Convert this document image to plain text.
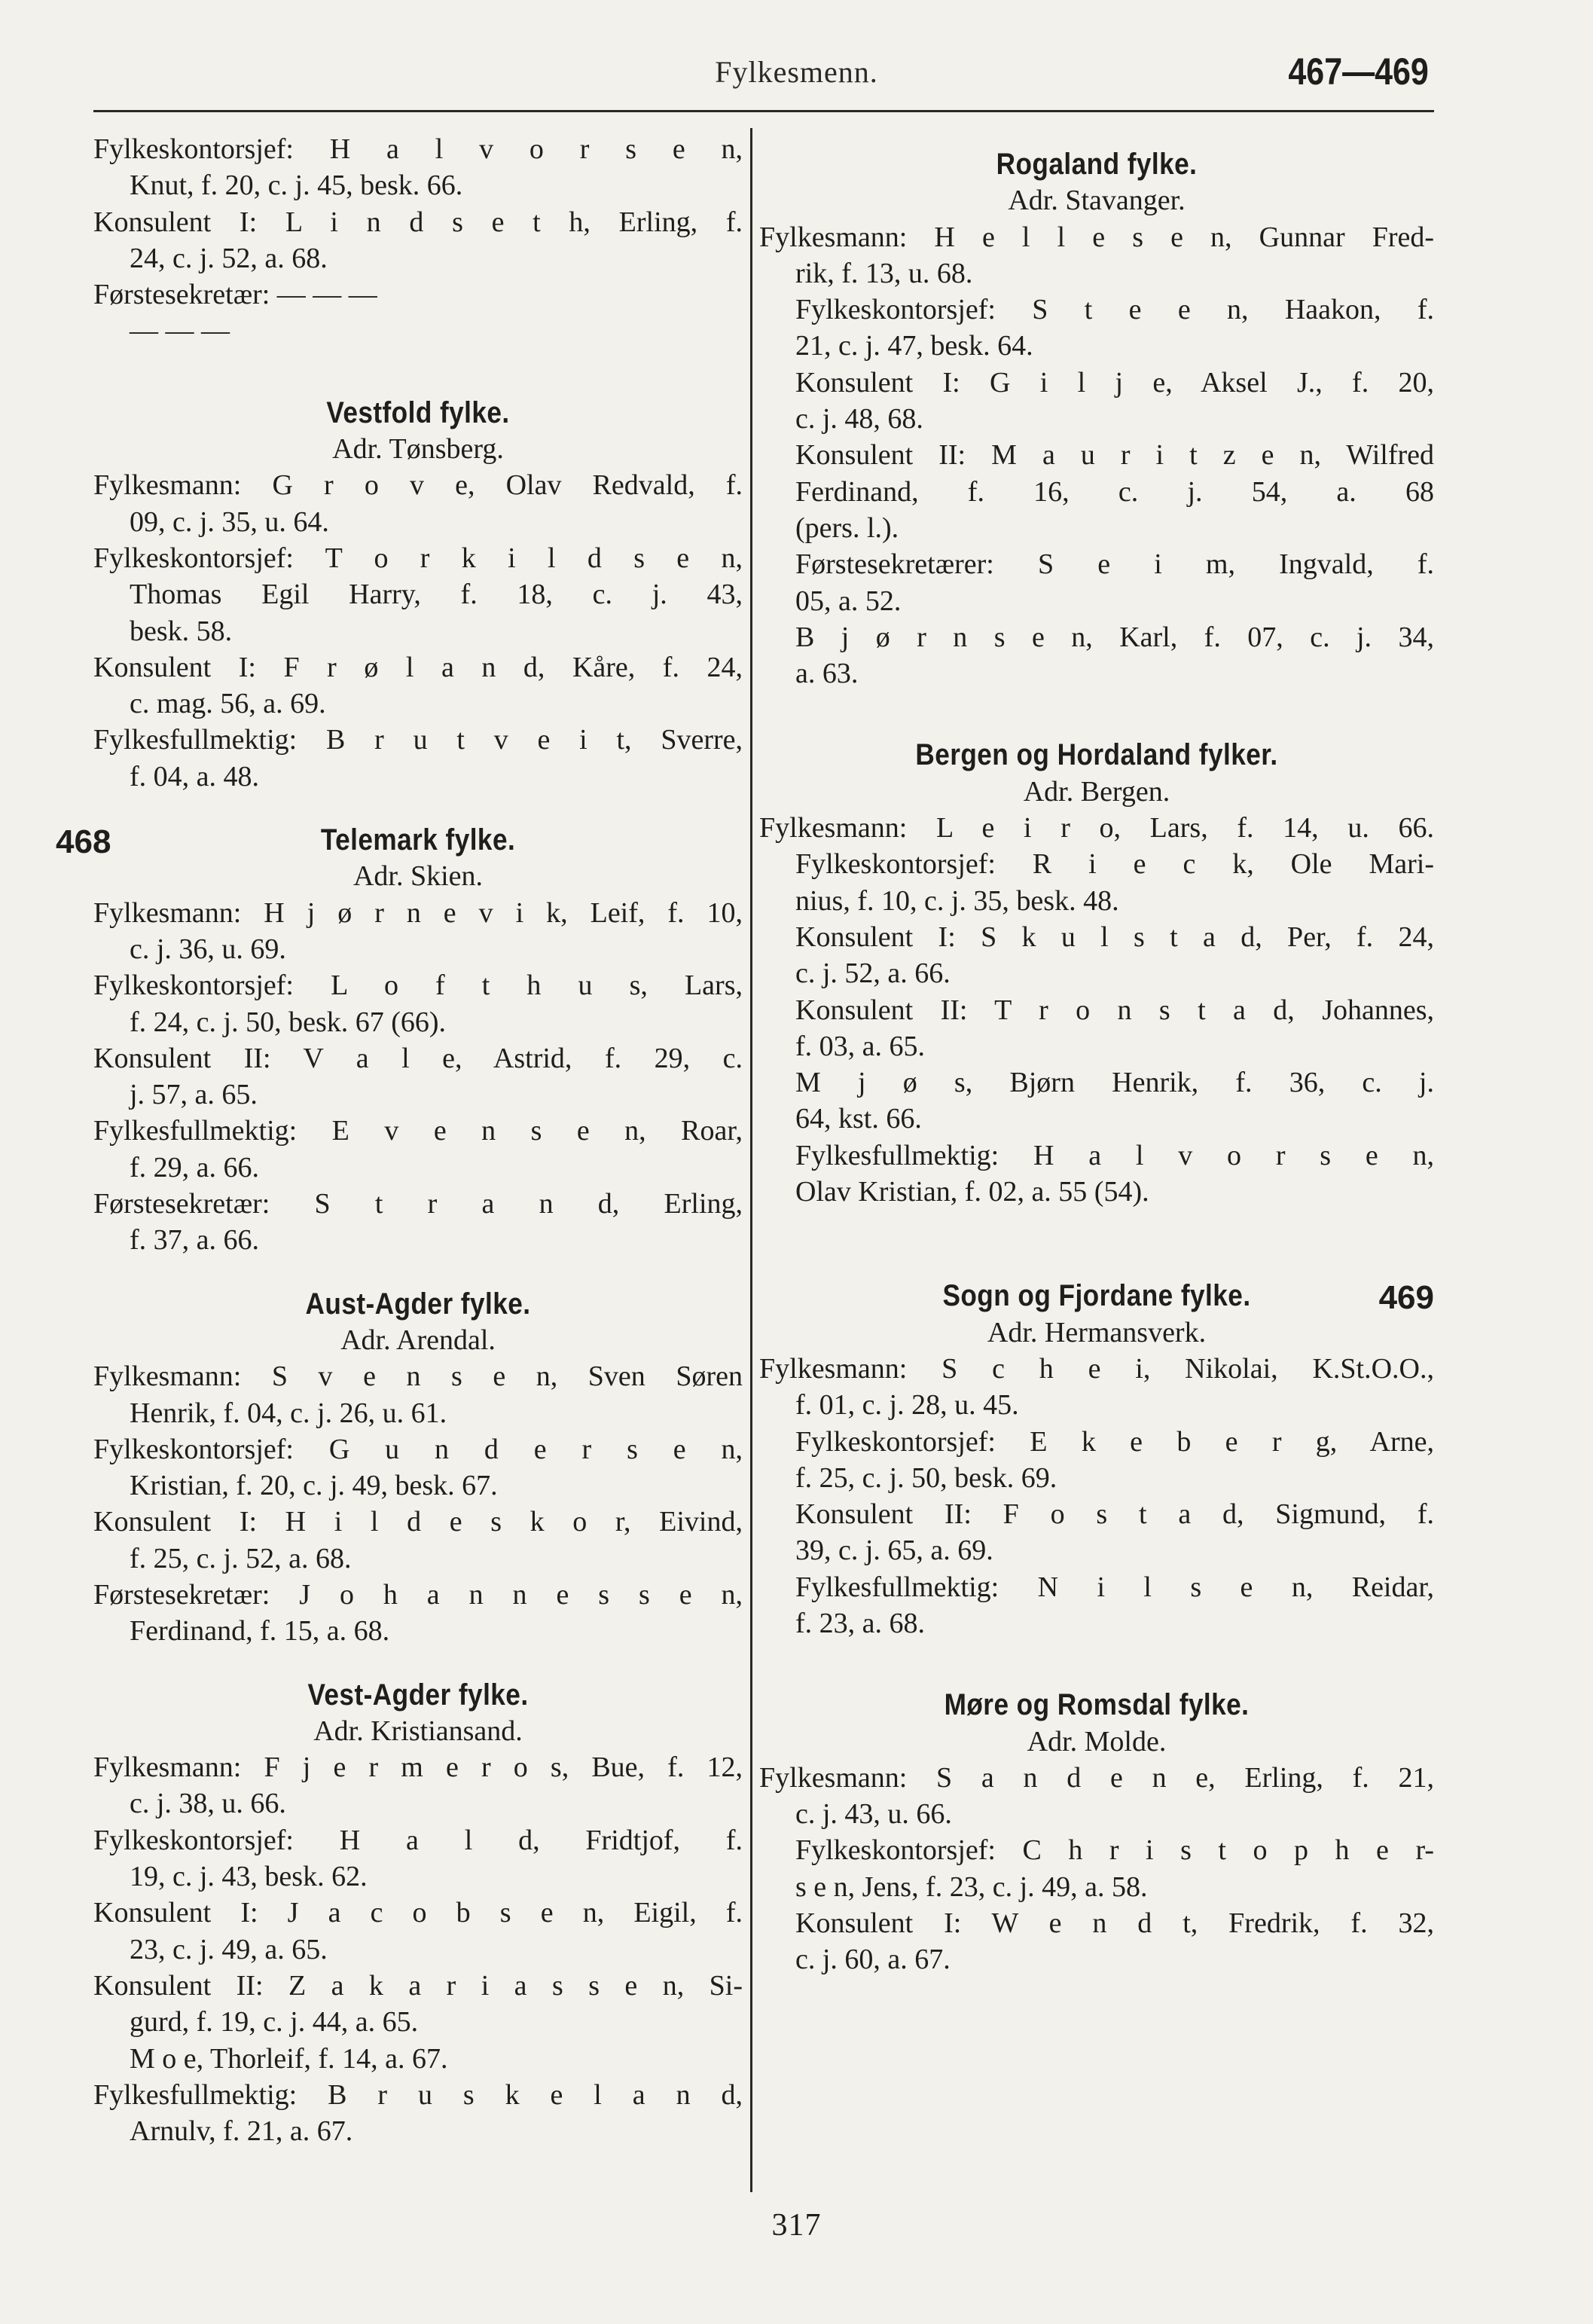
Fylkesmenn.	467—469
Fylkeskontorsjef: H a l v o r s e n,
Knut, f. 20, c. j. 45, besk. 66.
Konsulent I: L i n d s e t h, Erling, f.
24, c. j. 52, a. 68.
Førstesekretær: — — —
— — —
Vestfold fylke.
Adr. Tønsberg.
Fylkesmann: G r o v e, Olav Redvald, f.
09, c. j. 35, u. 64.
Fylkeskontorsjef: T o r k i l d s e n,
Thomas Egil Harry, f. 18, c. j. 43,
besk. 58.
Konsulent I: F r ø l a n d, Kåre, f. 24,
c. mag. 56, a. 69.
Fylkesfullmektig: B r u t v e i t, Sverre,
f. 04, a. 48.
468	Telemark fylke.
Adr. Skien.
Fylkesmann: H j ø r n e v i k, Leif, f. 10,
c. j. 36, u. 69.
Fylkeskontorsjef: L o f t h u s, Lars,
f. 24, c. j. 50, besk. 67 (66).
Konsulent II: V a l e, Astrid, f. 29, c.
j. 57, a. 65.
Fylkesfullmektig: E v e n s e n, Roar,
f. 29, a. 66.
Førstesekretær: S t r a n d, Erling,
f. 37, a. 66.
Aust-Agder fylke.
Adr. Arendal.
Fylkesmann: S v e n s e n, Sven Søren
Henrik, f. 04, c. j. 26, u. 61.
Fylkeskontorsjef: G u n d e r s e n,
Kristian, f. 20, c. j. 49, besk. 67.
Konsulent I: H i l d e s k o r, Eivind,
f. 25, c. j. 52, a. 68.
Førstesekretær: J o h a n n e s s e n,
Ferdinand, f. 15, a. 68.
Vest-Agder fylke.
Adr. Kristiansand.
Fylkesmann: F j e r m e r o s, Bue, f. 12,
c. j. 38, u. 66.
Fylkeskontorsjef: H a l d, Fridtjof, f.
19, c. j. 43, besk. 62.
Konsulent I: J a c o b s e n, Eigil, f.
23, c. j. 49, a. 65.
Konsulent II: Z a k a r i a s s e n, Si-
gurd, f. 19, c. j. 44, a. 65.
M o e, Thorleif, f. 14, a. 67.
Fylkesfullmektig: B r u s k e l a n d,
Arnulv, f. 21, a. 67.
Rogaland fylke.
Adr. Stavanger.
Fylkesmann: H e l l e s e n, Gunnar Fred-
rik, f. 13, u. 68.
Fylkeskontorsjef: S t e e n, Haakon, f.
21, c. j. 47, besk. 64.
Konsulent I: G i l j e, Aksel J., f. 20,
c. j. 48, 68.
Konsulent II: M a u r i t z e n, Wilfred
Ferdinand, f. 16, c. j. 54, a. 68
(pers. l.).
Førstesekretærer: S e i m, Ingvald, f.
05, a. 52.
B j ø r n s e n, Karl, f. 07, c. j. 34,
a. 63.
Bergen og Hordaland fylker.
Adr. Bergen.
Fylkesmann: L e i r o, Lars, f. 14, u. 66.
Fylkeskontorsjef: R i e c k, Ole Mari-
nius, f. 10, c. j. 35, besk. 48.
Konsulent I: S k u l s t a d, Per, f. 24,
c. j. 52, a. 66.
Konsulent II: T r o n s t a d, Johannes,
f. 03, a. 65.
M j ø s, Bjørn Henrik, f. 36, c. j.
64, kst. 66.
Fylkesfullmektig: H a l v o r s e n,
Olav Kristian, f. 02, a. 55 (54).
469
Sogn og Fjordane fylke.
Adr. Hermansverk.
Fylkesmann: S c h e i, Nikolai, K.St.O.O.,
f. 01, c. j. 28, u. 45.
Fylkeskontorsjef: E k e b e r g, Arne,
f. 25, c. j. 50, besk. 69.
Konsulent II: F o s t a d, Sigmund, f.
39, c. j. 65, a. 69.
Fylkesfullmektig: N i l s e n, Reidar,
f. 23, a. 68.
Møre og Romsdal fylke.
Adr. Molde.
Fylkesmann: S a n d e n e, Erling, f. 21,
c. j. 43, u. 66.
Fylkeskontorsjef: C h r i s t o p h e r-
s e n, Jens, f. 23, c. j. 49, a. 58.
Konsulent I: W e n d t, Fredrik, f. 32,
c. j. 60, a. 67.
317
